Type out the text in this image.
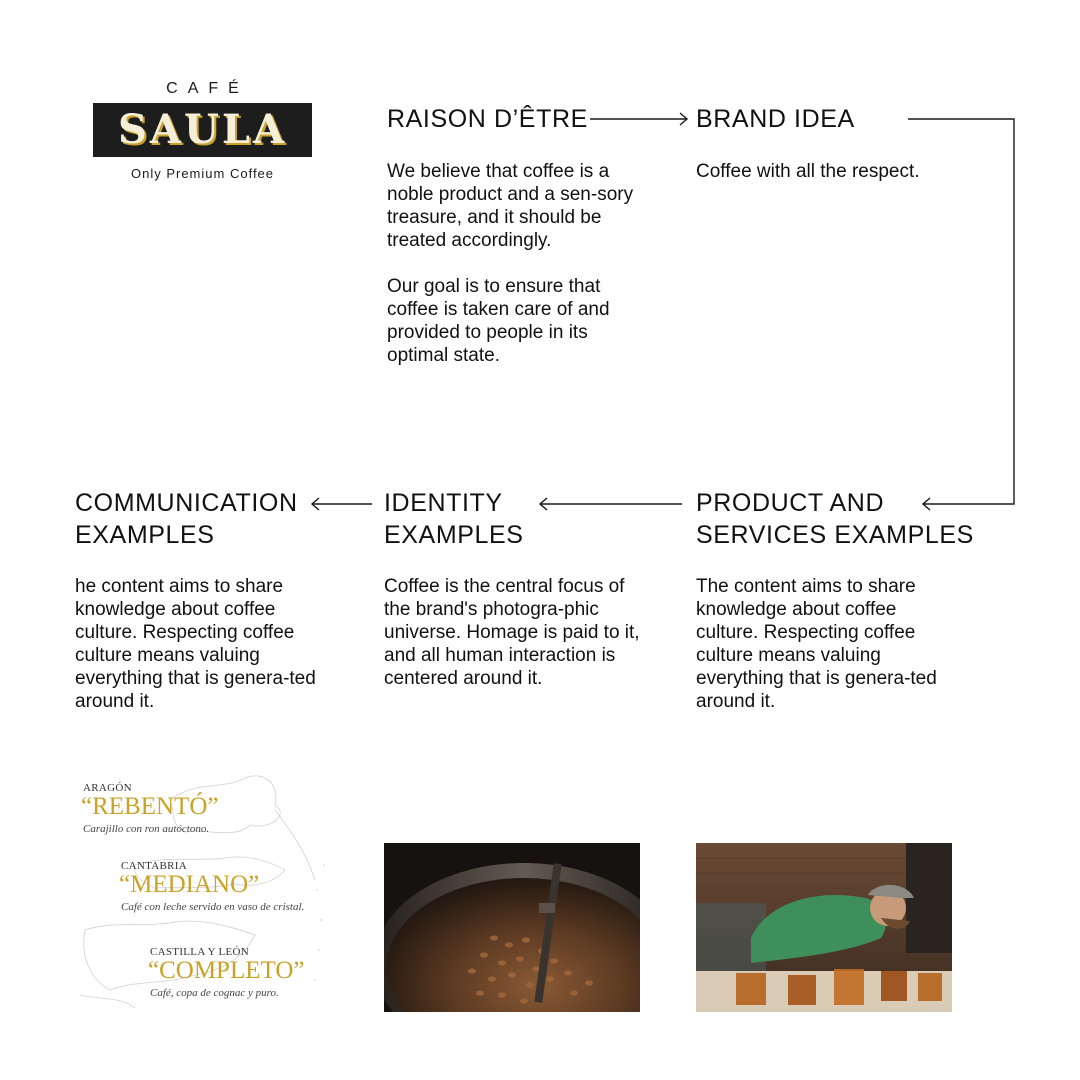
CAFÉ
SAULA
Only Premium Coffee
RAISON D’ÊTRE

We believe that coffee is a noble product and a sen-sory treasure, and it should be treated accordingly.

Our goal is to ensure that coffee is taken care of and provided to people in its optimal state.

BRAND IDEA
Coffee with all the respect.
COMMUNICATION
EXAMPLES
he content aims to share knowledge about coffee culture. Respecting coffee culture means valuing everything that is genera-ted around it.
IDENTITY
EXAMPLES
Coffee is the central focus of the brand's photogra-phic universe. Homage is paid to it, and all human interaction is centered around it.
PRODUCT AND
SERVICES EXAMPLES
The content aims to share knowledge about coffee culture. Respecting coffee culture means valuing everything that is genera-ted around it.
ARAGÓN
“REBENTÓ”
Carajillo con ron autóctono.
CANTABRIA
“MEDIANO”
Café con leche servido en vaso de cristal.
CASTILLA Y LEÓN
“COMPLETO”
Café, copa de cognac y puro.
